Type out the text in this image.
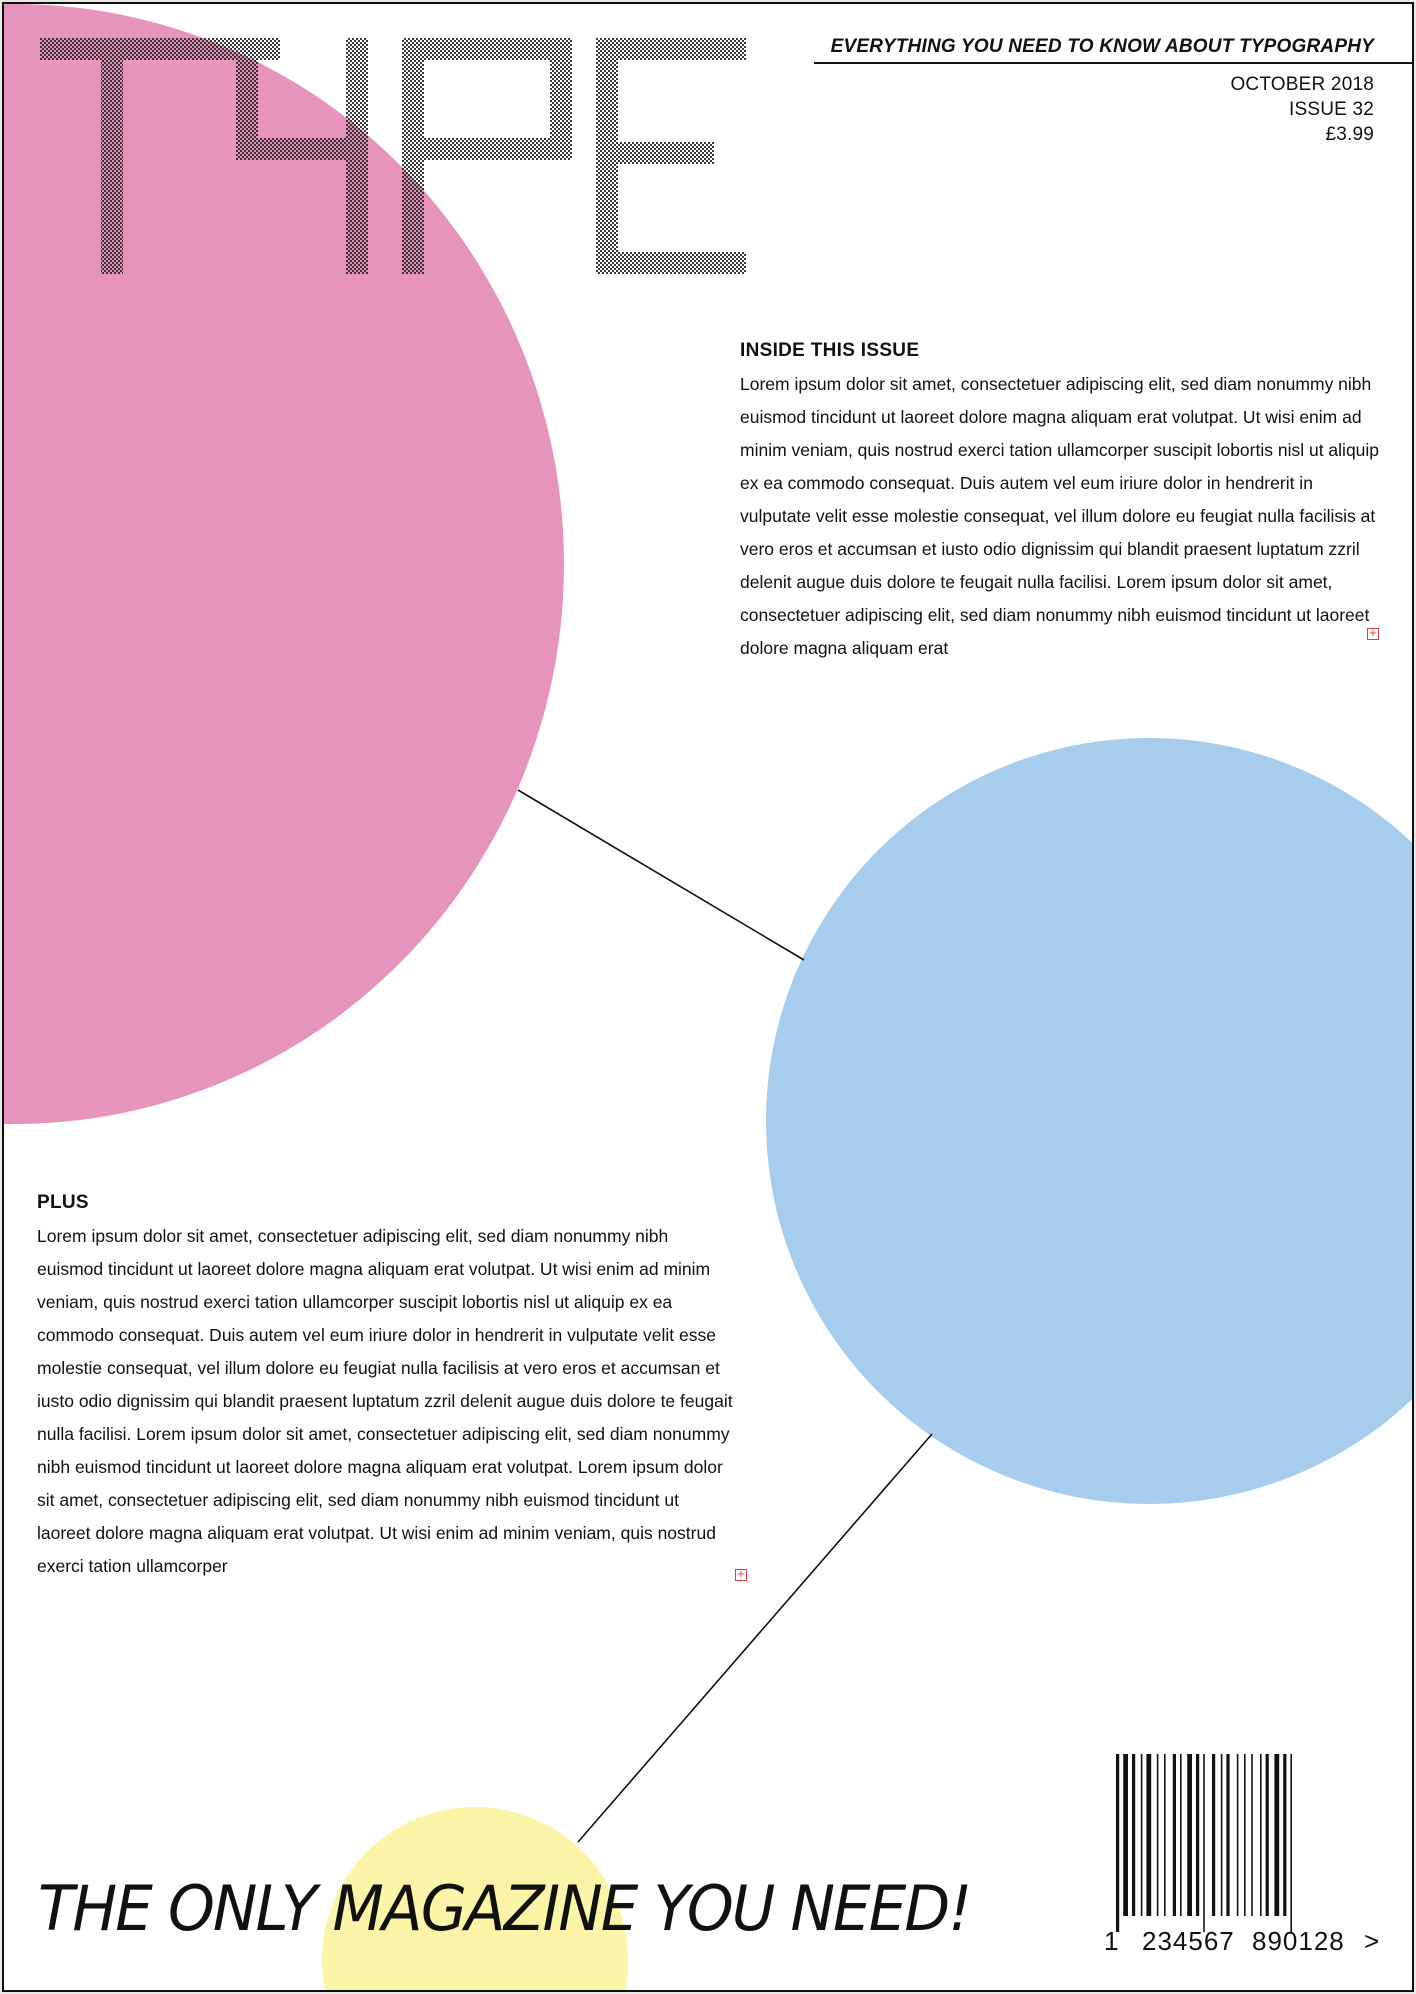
EVERYTHING YOU NEED TO KNOW ABOUT TYPOGRAPHY
OCTOBER 2018
ISSUE 32
£3.99
INSIDE THIS ISSUE

Lorem ipsum dolor sit amet, consectetuer adipiscing elit, sed diam nonummy nibh euismod tincidunt ut laoreet dolore magna aliquam erat volutpat. Ut wisi enim ad minim veniam, quis nostrud exerci tation ullamcorper suscipit lobortis nisl ut aliquip ex ea commodo consequat. Duis autem vel eum iriure dolor in hendrerit in vulputate velit esse molestie consequat, vel illum dolore eu feugiat nulla facilisis at vero eros et accumsan et iusto odio dignissim qui blandit praesent luptatum zzril delenit augue duis dolore te feugait nulla facilisi. Lorem ipsum dolor sit amet, consectetuer adipiscing elit, sed diam nonummy nibh euismod tincidunt ut laoreet dolore magna aliquam erat

+
PLUS

Lorem ipsum dolor sit amet, consectetuer adipiscing elit, sed diam nonummy nibh euismod tincidunt ut laoreet dolore magna aliquam erat volutpat. Ut wisi enim ad minim veniam, quis nostrud exerci tation ullamcorper suscipit lobortis nisl ut aliquip ex ea commodo consequat. Duis autem vel eum iriure dolor in hendrerit in vulputate velit esse molestie consequat, vel illum dolore eu feugiat nulla facilisis at vero eros et accumsan et iusto odio dignissim qui blandit praesent luptatum zzril delenit augue duis dolore te feugait nulla facilisi. Lorem ipsum dolor sit amet, consectetuer adipiscing elit, sed diam nonummy nibh euismod tincidunt ut laoreet dolore magna aliquam erat volutpat. Lorem ipsum dolor sit amet, consectetuer adipiscing elit, sed diam nonummy nibh euismod tincidunt ut laoreet dolore magna aliquam erat volutpat. Ut wisi enim ad minim veniam, quis nostrud exerci tation ullamcorper	+
THE ONLY MAGAZINE YOU NEED!	1 234567 890128 >
